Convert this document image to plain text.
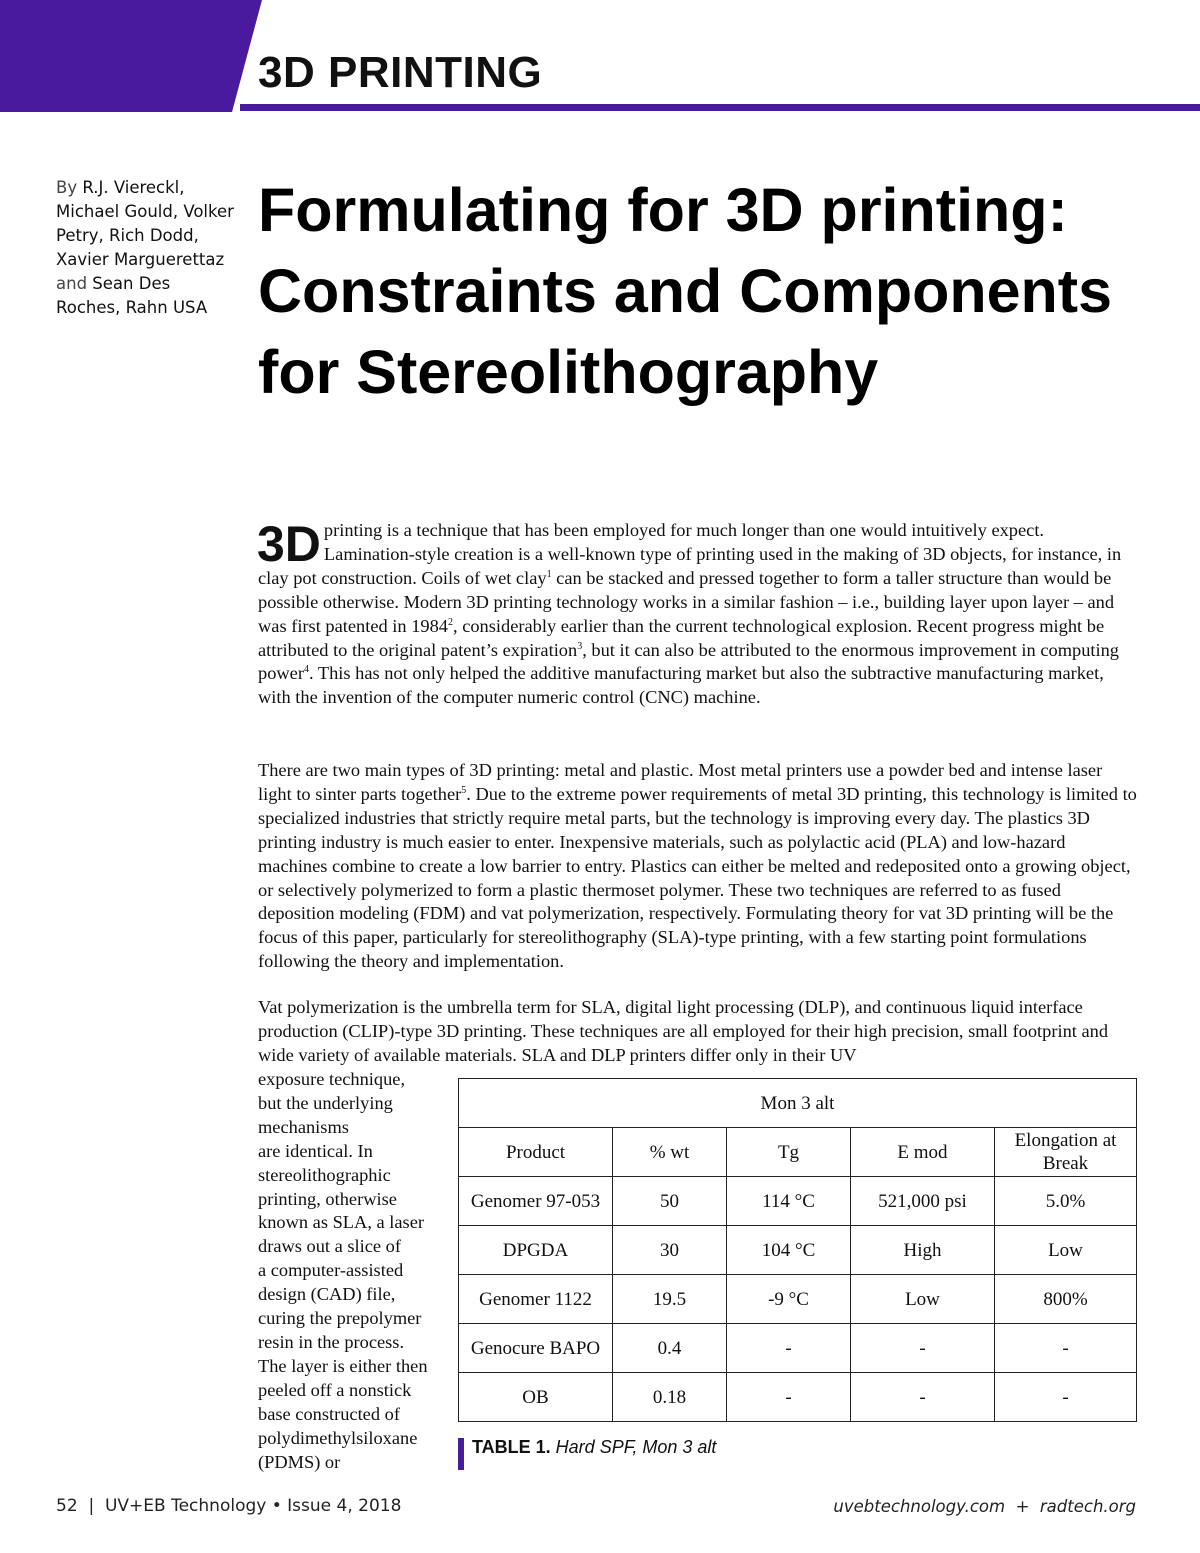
3D PRINTING
By R.J. Viereckl, Michael Gould, Volker Petry, Rich Dodd, Xavier Marguerettaz and Sean Des Roches, Rahn USA
Formulating for 3D printing: Constraints and Components for Stereolithography

3D printing is a technique that has been employed for much longer than one would intuitively expect. Lamination-style creation is a well-known type of printing used in the making of 3D objects, for instance, in clay pot construction. Coils of wet clay$^1$ can be stacked and pressed together to form a taller structure than would be possible otherwise. Modern 3D printing technology works in a similar fashion – i.e., building layer upon layer – and was first patented in 1984$^2$, considerably earlier than the current technological explosion. Recent progress might be attributed to the original patent’s expiration$^3$, but it can also be attributed to the enormous improvement in computing power$^4$. This has not only helped the additive manufacturing market but also the subtractive manufacturing market, with the invention of the computer numeric control (CNC) machine.

There are two main types of 3D printing: metal and plastic. Most metal printers use a powder bed and intense laser light to sinter parts together$^5$. Due to the extreme power requirements of metal 3D printing, this technology is limited to specialized industries that strictly require metal parts, but the technology is improving every day. The plastics 3D printing industry is much easier to enter. Inexpensive materials, such as polylactic acid (PLA) and low-hazard machines combine to create a low barrier to entry. Plastics can either be melted and redeposited onto a growing object, or selectively polymerized to form a plastic thermoset polymer. These two techniques are referred to as fused deposition modeling (FDM) and vat polymerization, respectively. Formulating theory for vat 3D printing will be the focus of this paper, particularly for stereolithography (SLA)-type printing, with a few starting point formulations following the theory and implementation.

Vat polymerization is the umbrella term for SLA, digital light processing (DLP), and continuous liquid interface production (CLIP)-type 3D printing. These techniques are all employed for their high precision, small footprint and wide variety of available materials. SLA and DLP printers differ only in their UV

exposure technique,
but the underlying
mechanisms
are identical. In
stereolithographic
printing, otherwise
known as SLA, a laser
draws out a slice of
a computer-assisted
design (CAD) file,
curing the prepolymer
resin in the process.
The layer is either then
peeled off a nonstick
base constructed of
polydimethylsiloxane
(PDMS) or
Mon 3 alt				
Product	% wt	Tg	E mod	Elongation at Break
Genomer 97-053	50	114 °C	521,000 psi	5.0%
DPGDA	30	104 °C	High	Low
Genomer 1122	19.5	-9 °C	Low	800%
Genocure BAPO	0.4	-	-	-
OB	0.18	-	-	-
TABLE 1. Hard SPF, Mon 3 alt
52  |  UV+EB Technology • Issue 4, 2018	uvebtechnology.com  +  radtech.org
